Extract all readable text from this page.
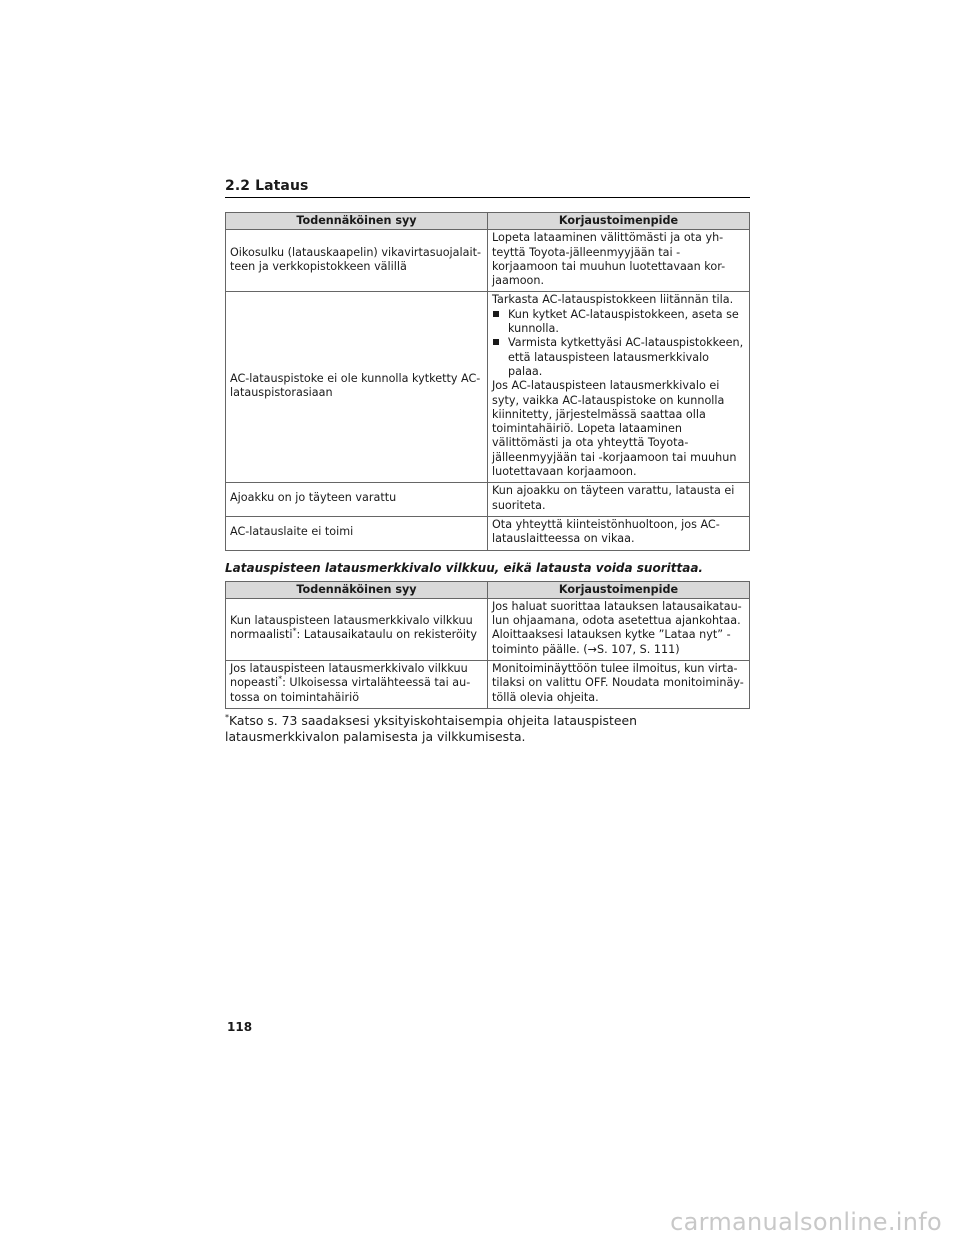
2.2 Lataus
Todennäköinen syy	Korjaustoimenpide
Oikosulku (latauskaapelin) vikavirtasuojalait-teen ja verkkopistokkeen välillä	Lopeta lataaminen välittömästi ja ota yh-teyttä Toyota-jälleenmyyjään tai -korjaamoon tai muuhun luotettavaan kor-jaamoon.
AC-latauspistoke ei ole kunnolla kytketty AC-latauspistorasiaan	Tarkasta AC-latauspistokkeen liitännän tila.
Kun kytket AC-latauspistokkeen, aseta se kunnolla.
Varmista kytkettyäsi AC-latauspistokkeen, että latauspisteen latausmerkkivalo palaa.
Jos AC-latauspisteen latausmerkkivalo ei syty, vaikka AC-latauspistoke on kunnolla kiinnitetty, järjestelmässä saattaa olla toimintahäiriö. Lopeta lataaminen välittömästi ja ota yhteyttä Toyota-jälleenmyyjään tai -korjaamoon tai muuhun luotettavaan korjaamoon.

Ajoakku on jo täyteen varattu	Kun ajoakku on täyteen varattu, latausta ei suoriteta.
AC-latauslaite ei toimi	Ota yhteyttä kiinteistönhuoltoon, jos AC-latauslaitteessa on vikaa.
Latauspisteen latausmerkkivalo vilkkuu, eikä latausta voida suorittaa.
Todennäköinen syy	Korjaustoimenpide
Kun latauspisteen latausmerkkivalo vilkkuu normaalisti*: Latausaikataulu on rekisteröity	Jos haluat suorittaa latauksen latausaikatau-lun ohjaamana, odota asetettua ajankohtaa. Aloittaaksesi latauksen kytke ”Lataa nyt” -toiminto päälle. (→S. 107, S. 111)
Jos latauspisteen latausmerkkivalo vilkkuu nopeasti*: Ulkoisessa virtalähteessä tai au-tossa on toimintahäiriö	Monitoiminäyttöön tulee ilmoitus, kun virta-tilaksi on valittu OFF. Noudata monitoiminäy-töllä olevia ohjeita.
*Katso s. 73 saadaksesi yksityiskohtaisempia ohjeita latauspisteen latausmerkkivalon palamisesta ja vilkkumisesta.
118
carmanualsonline.info
